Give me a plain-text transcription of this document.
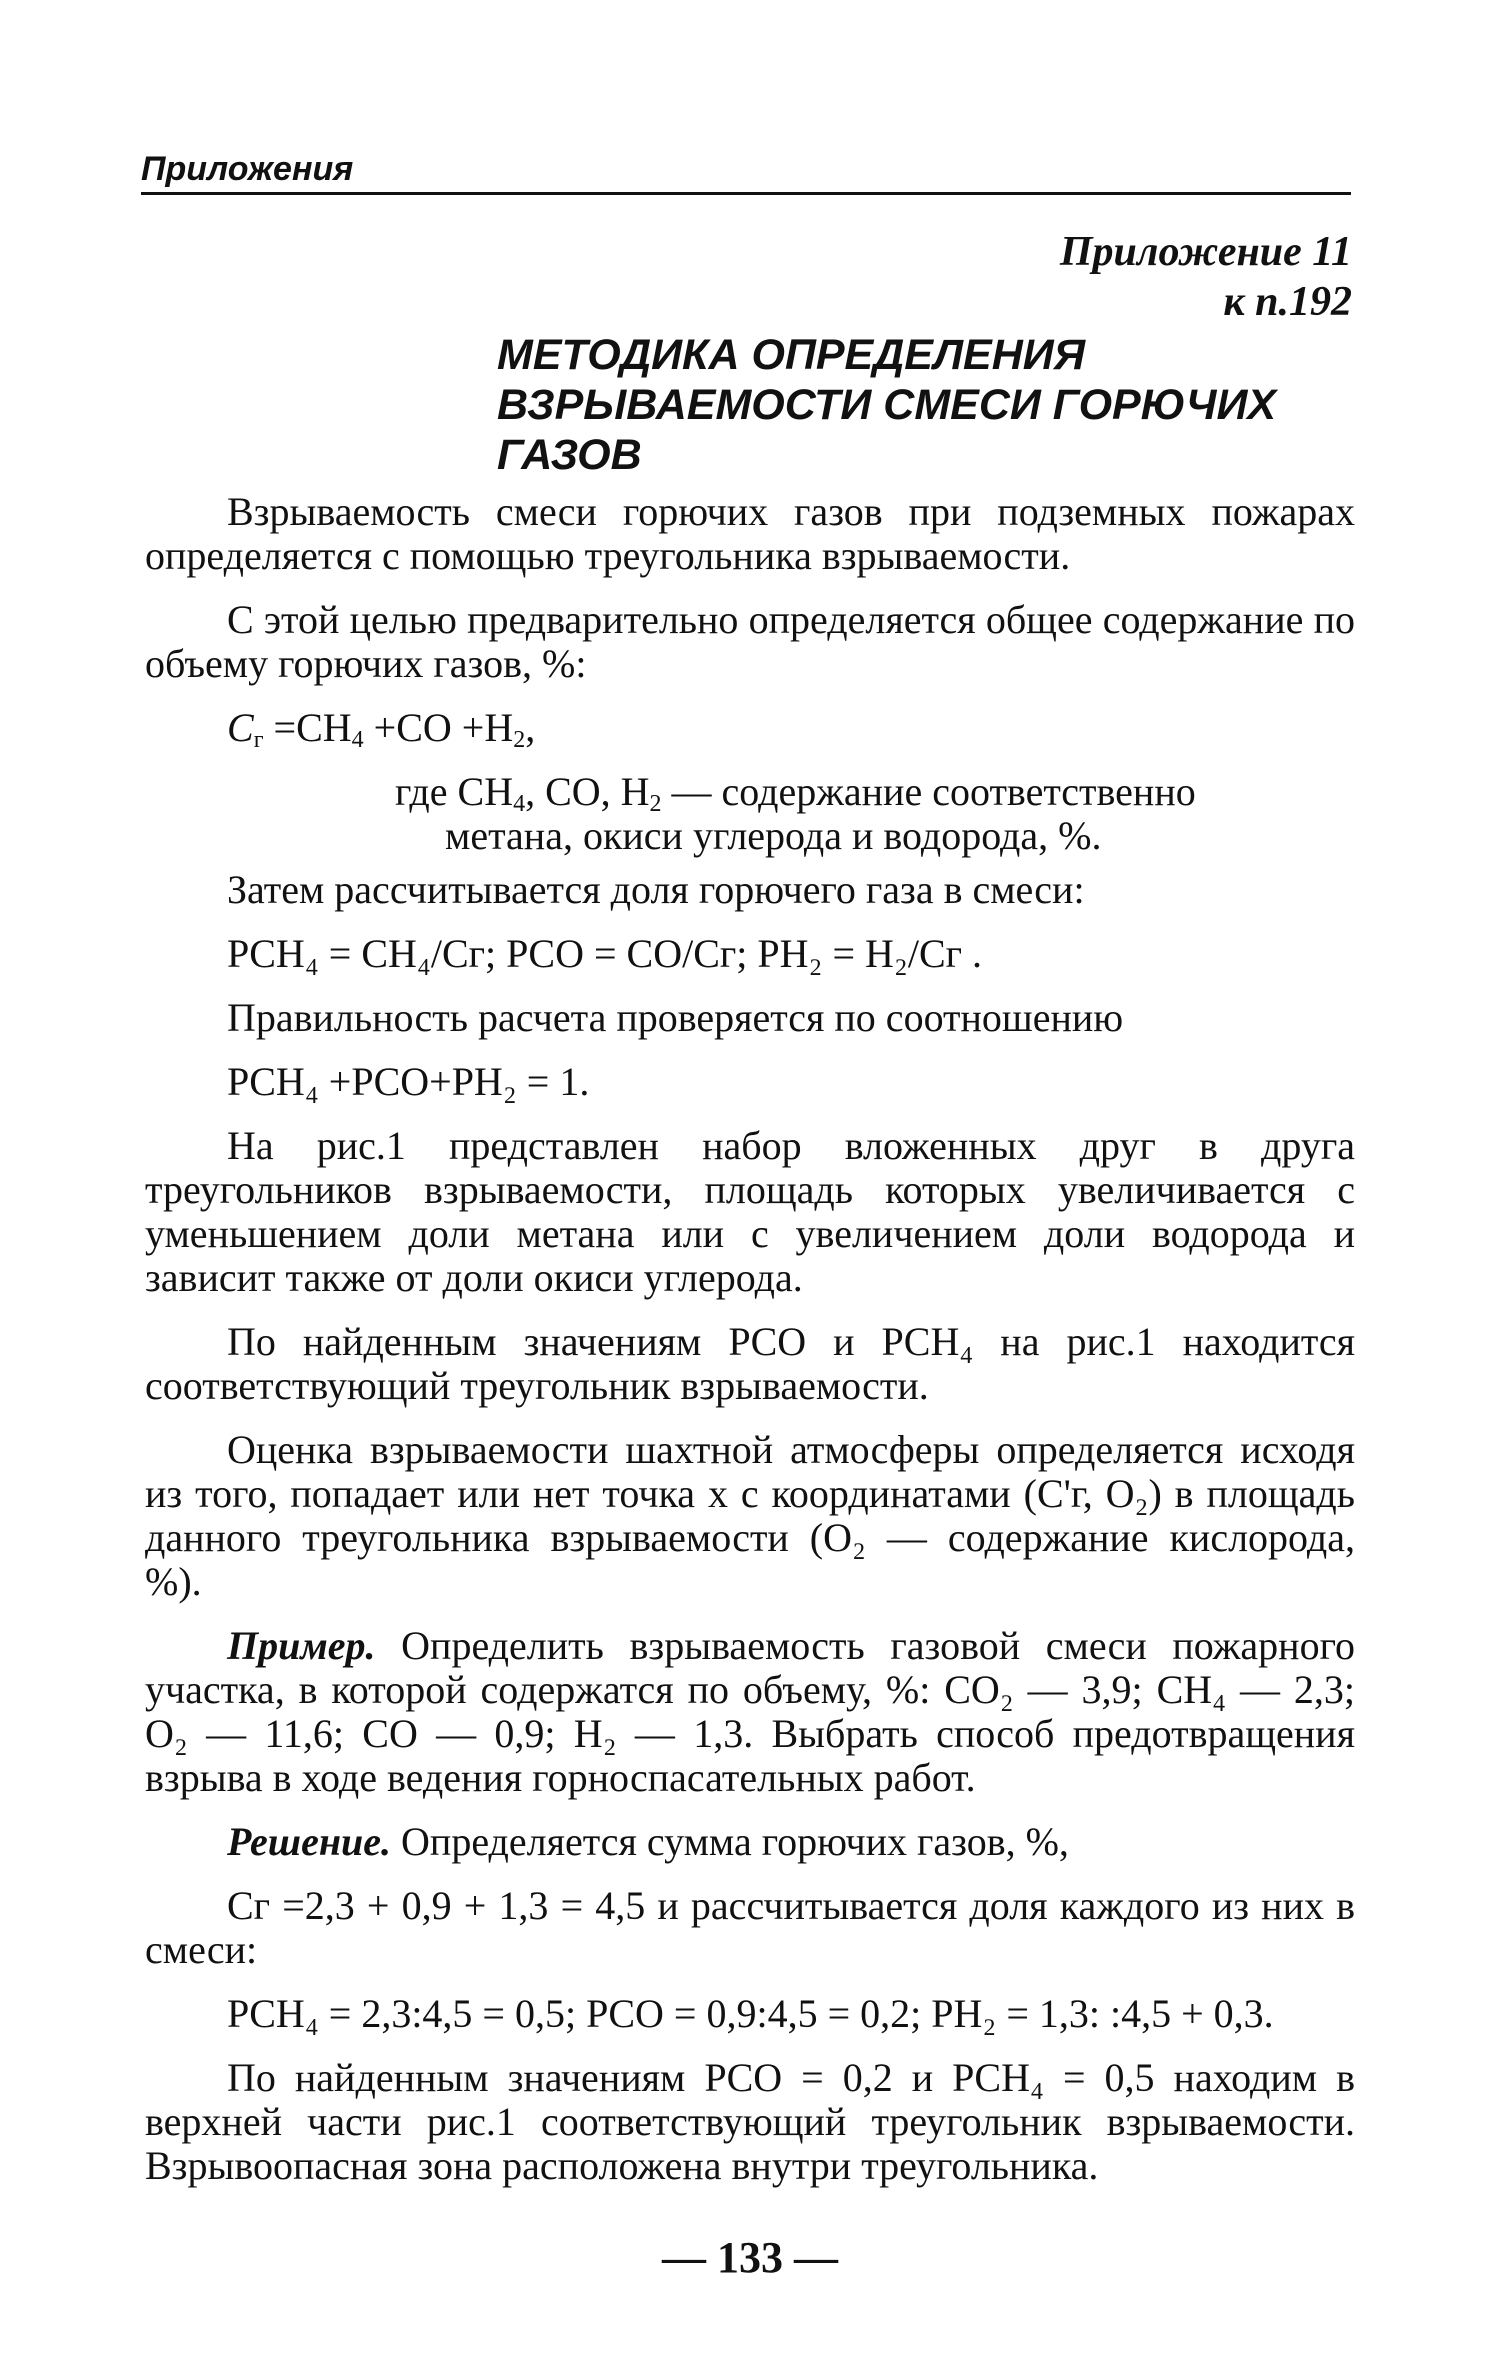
Приложения
Приложение 11
к п.192
МЕТОДИКА ОПРЕДЕЛЕНИЯ
ВЗРЫВАЕМОСТИ СМЕСИ ГОРЮЧИХ
ГАЗОВ

Взрываемость смеси горючих газов при подземных пожарах определяется с помощью треугольника взрываемости.

С этой целью предварительно определяется общее содержание по объему горючих газов, %:

$C_г =CH_4 +CO +H_2$,
где $CH_4$, CO, $H_2$ — содержание соответственно
метана, окиси углерода и водорода, %.

Затем рассчитывается доля горючего газа в смеси:

PCH₄ = CH₄/Cг; PCO = CO/Cг; PH₂ = H₂/Cг .

Правильность расчета проверяется по соотношению

PCH₄ +PCO+PH₂ = 1.

На рис.1 представлен набор вложенных друг в друга треугольников взрываемости, площадь которых увеличивается с уменьшением доли метана или с увеличением доли водорода и зависит также от доли окиси углерода.

По найденным значениям PCO и PCH₄ на рис.1 находится соответствующий треугольник взрываемости.

Оценка взрываемости шахтной атмосферы определяется исходя из того, попадает или нет точка x с координатами (C'г, O₂) в площадь данного треугольника взрываемости (O₂ — содержание кислорода, %).

Пример. Определить взрываемость газовой смеси пожарного участка, в которой содержатся по объему, %: CO₂ — 3,9; CH₄ — 2,3; O₂ — 11,6; CO — 0,9; H₂ — 1,3. Выбрать способ предотвращения взрыва в ходе ведения горноспасательных работ.

Решение. Определяется сумма горючих газов, %,

Cг =2,3 + 0,9 + 1,3 = 4,5 и рассчитывается доля каждого из них в смеси:

PCH₄ = 2,3:4,5 = 0,5; PCO = 0,9:4,5 = 0,2; PH₂ = 1,3: :4,5 + 0,3.

По найденным значениям PCO = 0,2 и PCH₄ = 0,5 находим в верхней части рис.1 соответствующий треугольник взрываемости. Взрывоопасная зона расположена внутри треугольника.

— 133 —
